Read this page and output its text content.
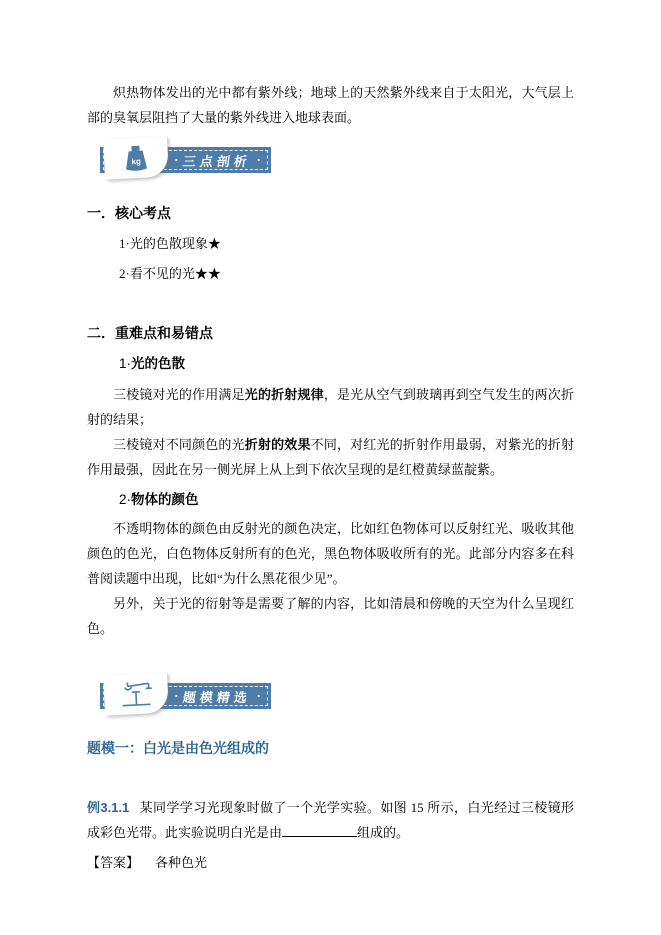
炽热物体发出的光中都有紫外线；地球上的天然紫外线来自于太阳光，大气层上部的臭氧层阻挡了大量的紫外线进入地球表面。

kg	· 三点剖析 ·
一．核心考点

1·光的色散现象★

2·看不见的光★★

二．重难点和易错点

1·光的色散

三棱镜对光的作用满足光的折射规律，是光从空气到玻璃再到空气发生的两次折射的结果；

三棱镜对不同颜色的光折射的效果不同，对红光的折射作用最弱，对紫光的折射作用最强，因此在另一侧光屏上从上到下依次呈现的是红橙黄绿蓝靛紫。

2·物体的颜色

不透明物体的颜色由反射光的颜色决定，比如红色物体可以反射红光、吸收其他颜色的色光，白色物体反射所有的色光，黑色物体吸收所有的光。此部分内容多在科普阅读题中出现，比如“为什么黑花很少见”。

另外，关于光的衍射等是需要了解的内容，比如清晨和傍晚的天空为什么呈现红色。

· 题模精选 ·
题模一：白光是由色光组成的

例3.1.1 某同学学习光现象时做了一个光学实验。如图 15 所示，白光经过三棱镜形成彩色光带。此实验说明白光是由	组成的。

【答案】 各种色光
